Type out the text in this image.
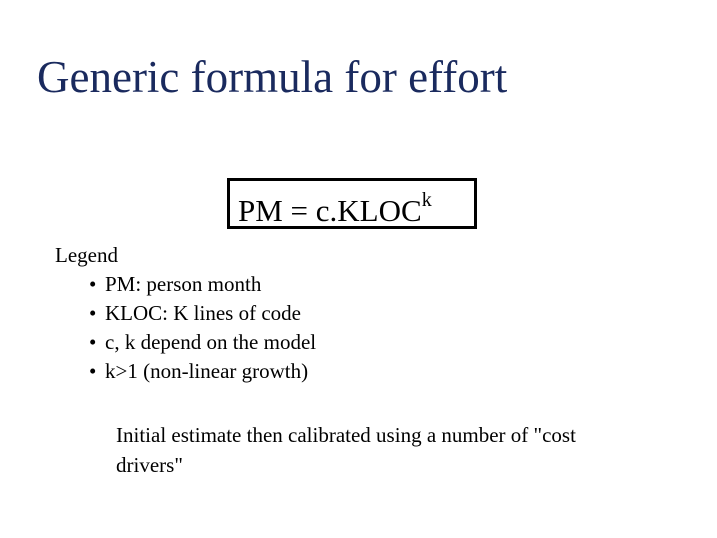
Generic formula for effort
PM = $c.KLOC^k$
Legend
• PM: person month
• KLOC: K lines of code
• c, k depend on the model
• k>1 (non-linear growth)
Initial estimate then calibrated using a number of "cost drivers"
